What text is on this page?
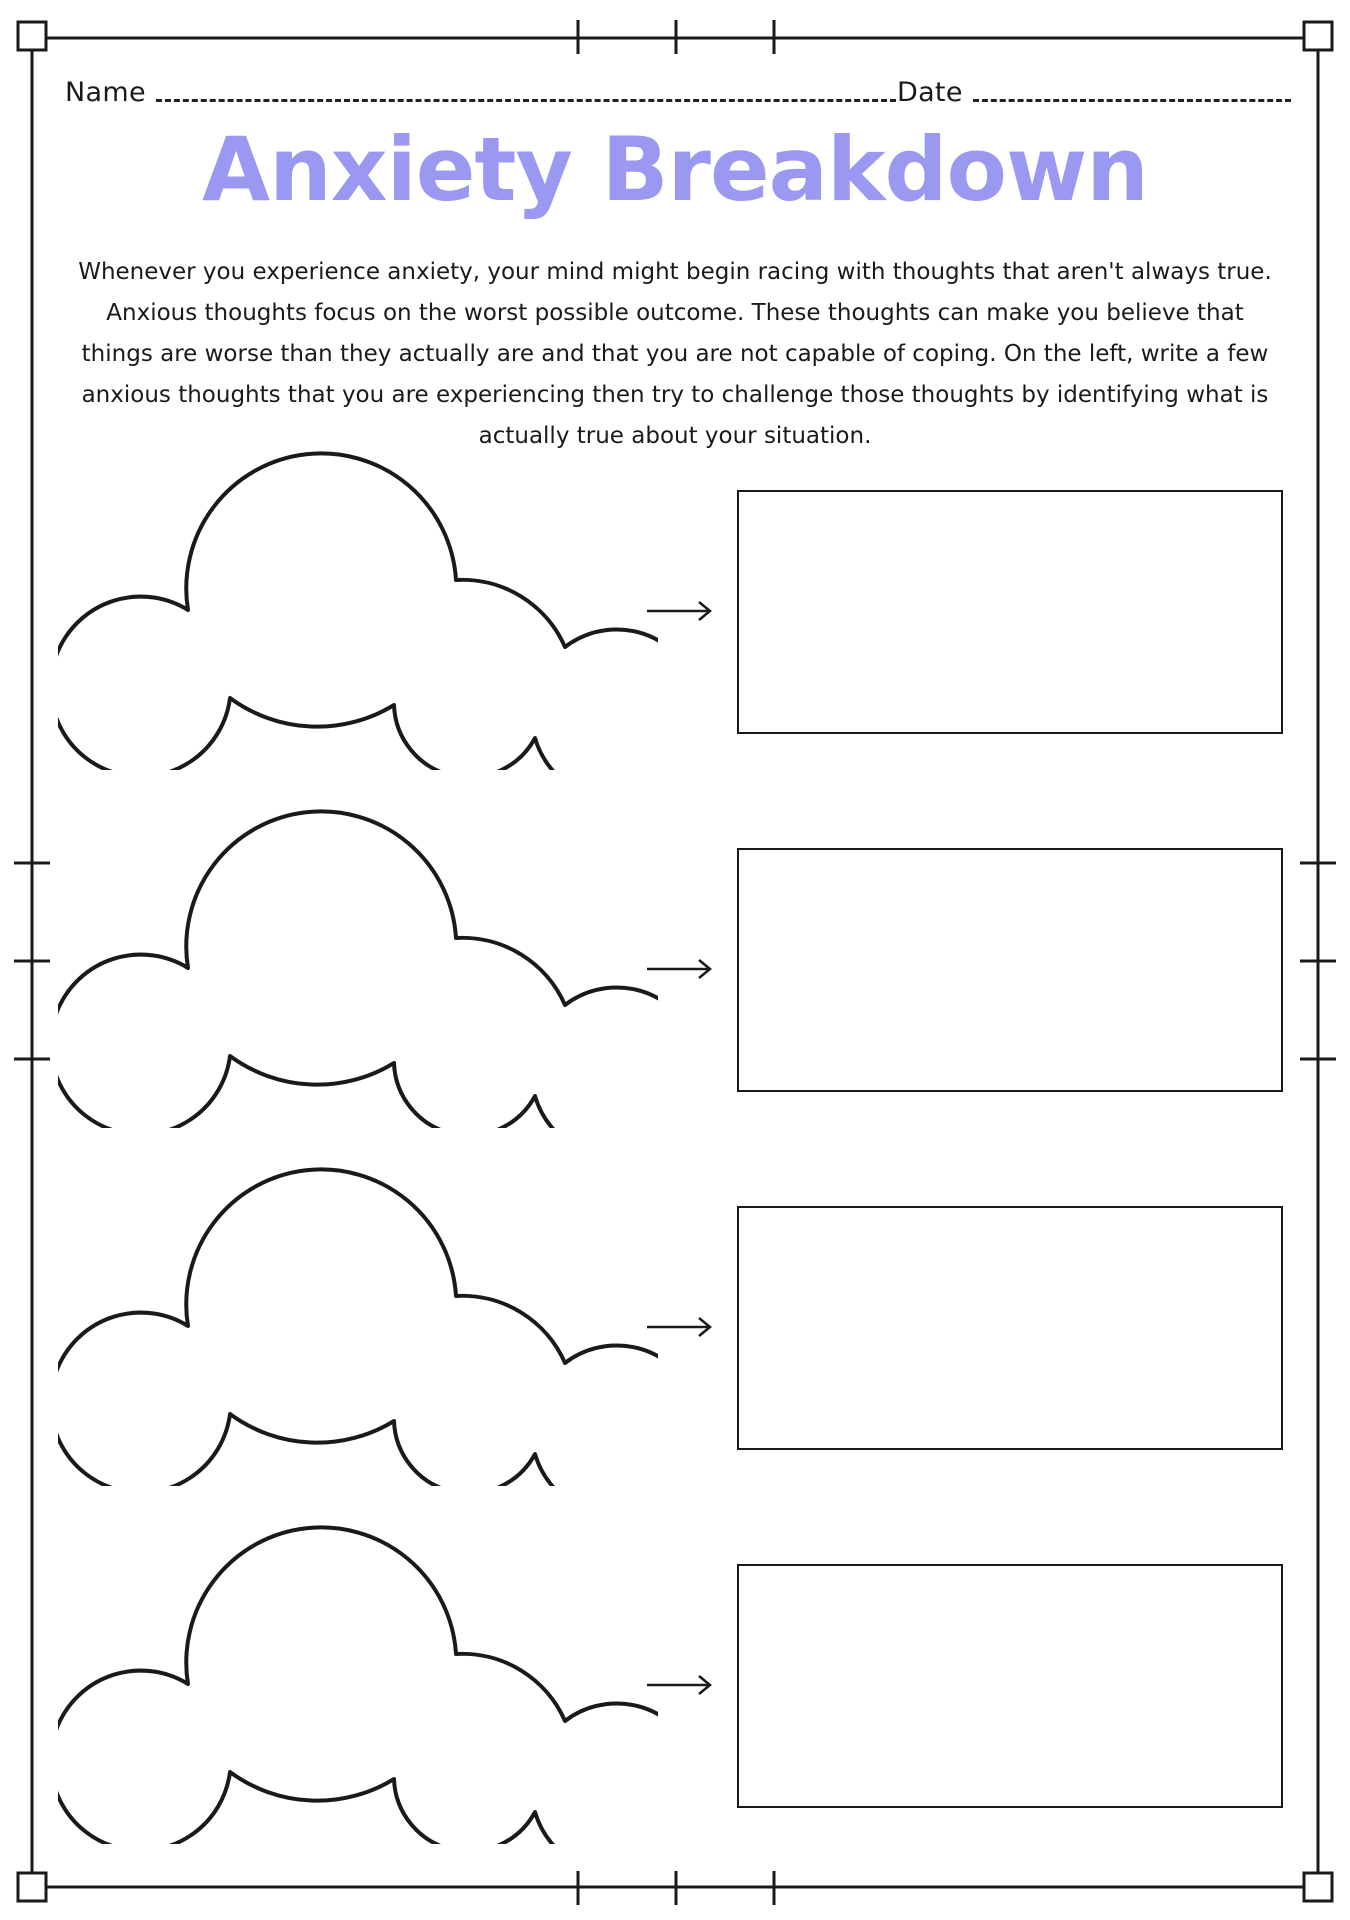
Name	Date
Anxiety Breakdown
Whenever you experience anxiety, your mind might begin racing with thoughts that aren't always true. Anxious thoughts focus on the worst possible outcome. These thoughts can make you believe that things are worse than they actually are and that you are not capable of coping. On the left, write a few anxious thoughts that you are experiencing then try to challenge those thoughts by identifying what is actually true about your situation.
